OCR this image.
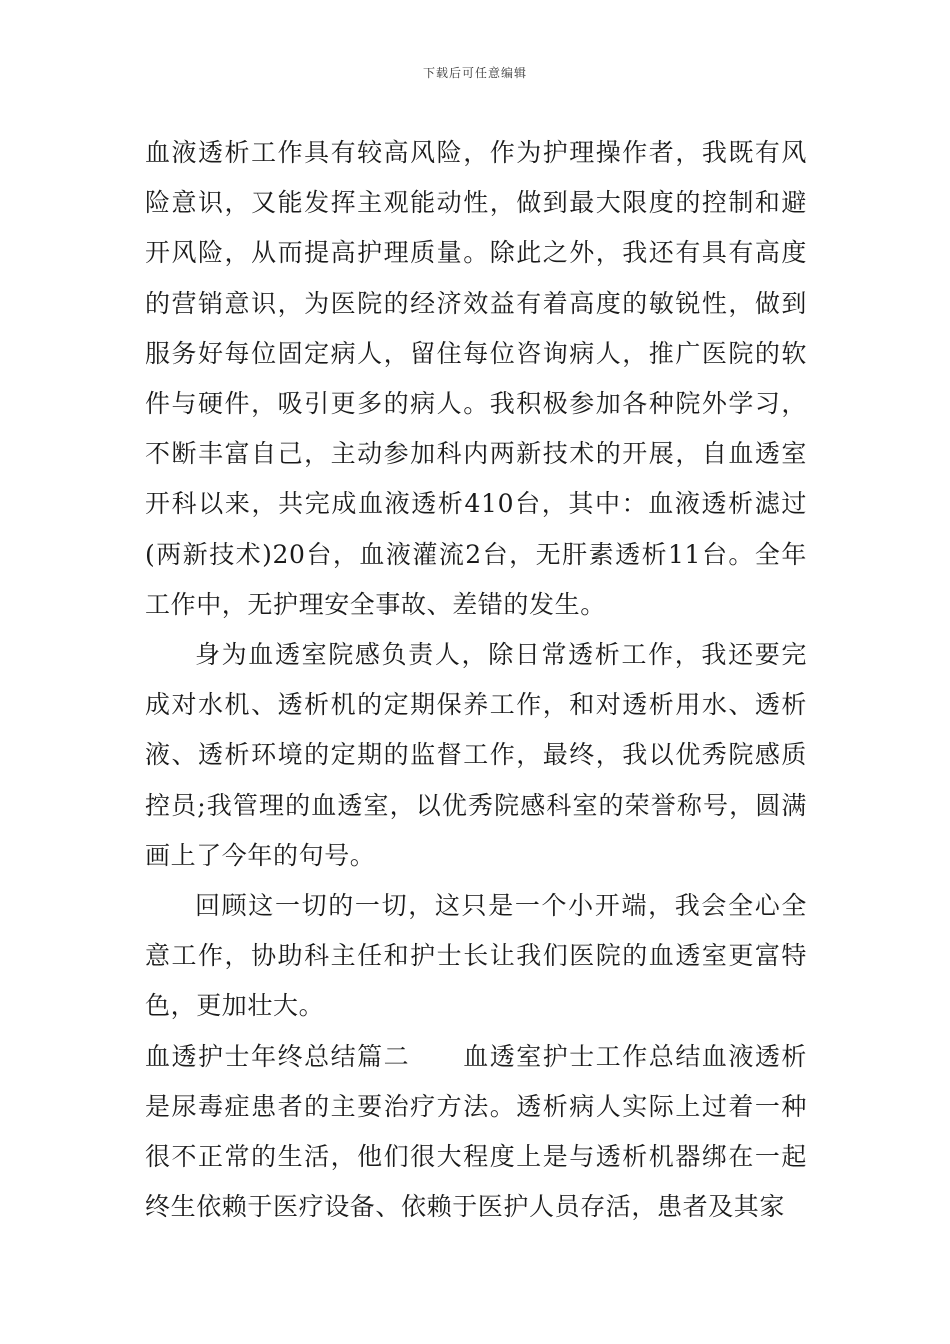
下载后可任意编辑

血液透析工作具有较高风险，作为护理操作者，我既有风险意识，又能发挥主观能动性，做到最大限度的控制和避开风险，从而提高护理质量。除此之外，我还有具有高度的营销意识，为医院的经济效益有着高度的敏锐性，做到服务好每位固定病人，留住每位咨询病人，推广医院的软件与硬件，吸引更多的病人。我积极参加各种院外学习，不断丰富自己，主动参加科内两新技术的开展，自血透室开科以来，共完成血液透析410台，其中：血液透析滤过(两新技术)20台，血液灌流2台，无肝素透析11台。全年工作中，无护理安全事故、差错的发生。

身为血透室院感负责人，除日常透析工作，我还要完成对水机、透析机的定期保养工作，和对透析用水、透析液、透析环境的定期的监督工作，最终，我以优秀院感质控员;我管理的血透室，以优秀院感科室的荣誉称号，圆满画上了今年的句号。

回顾这一切的一切，这只是一个小开端，我会全心全意工作，协助科主任和护士长让我们医院的血透室更富特色，更加壮大。

血透护士年终总结篇二　　血透室护士工作总结血液透析是尿毒症患者的主要治疗方法。透析病人实际上过着一种很不正常的生活，他们很大程度上是与透析机器绑在一起终生依赖于医疗设备、依赖于医护人员存活，患者及其家
